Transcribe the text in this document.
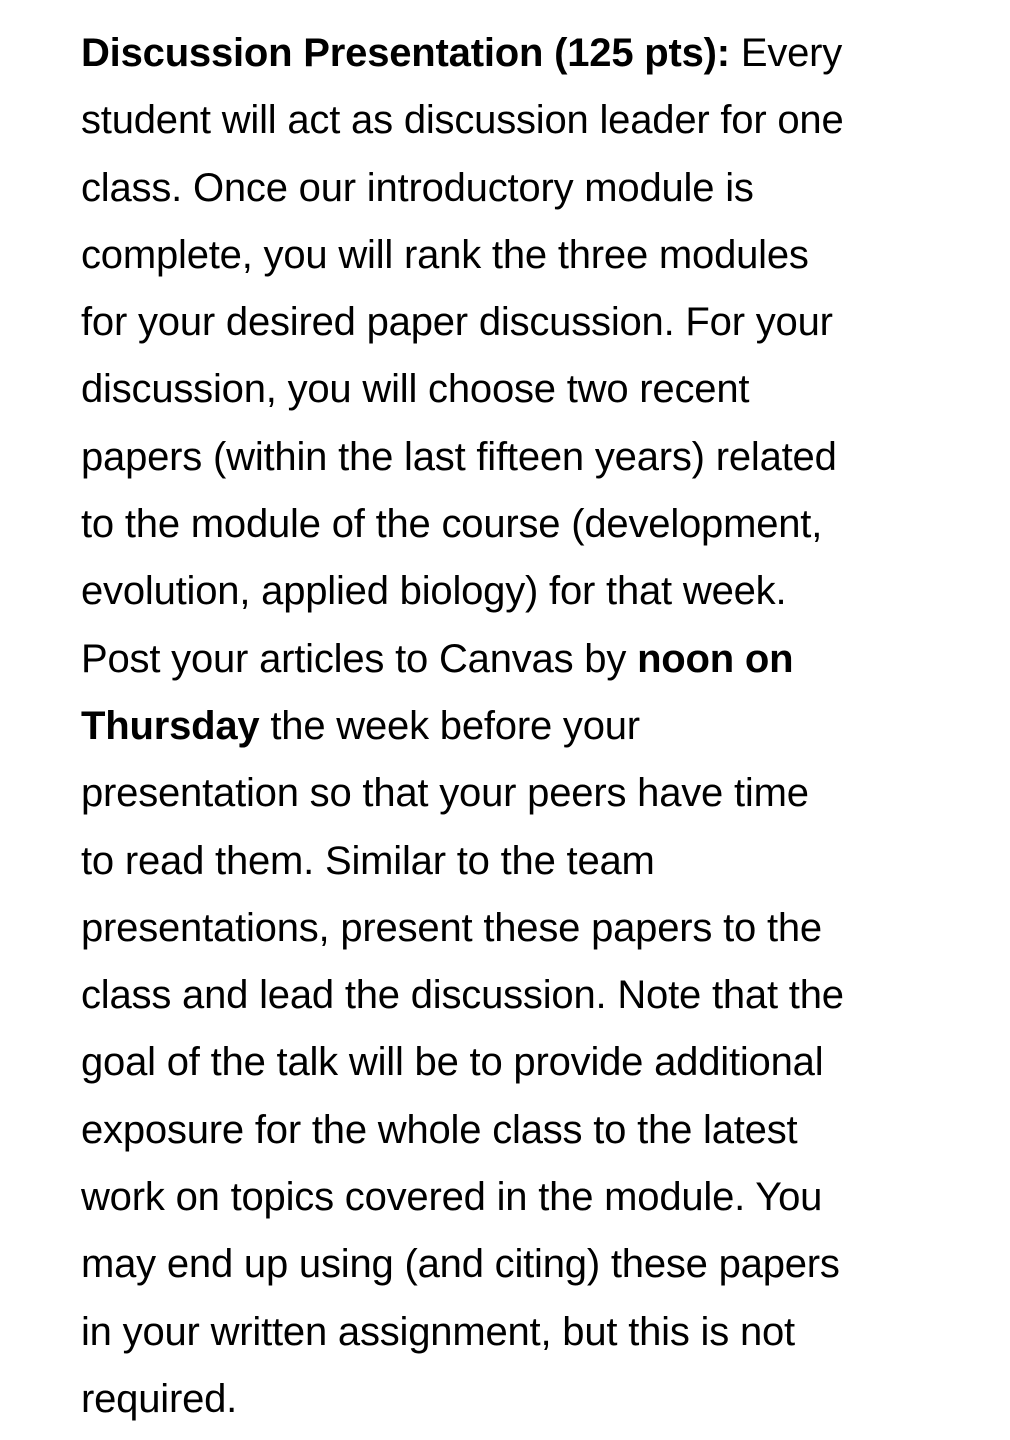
Discussion Presentation (125 pts): Every
student will act as discussion leader for one
class. Once our introductory module is
complete, you will rank the three modules
for your desired paper discussion. For your
discussion, you will choose two recent
papers (within the last fifteen years) related
to the module of the course (development,
evolution, applied biology) for that week.
Post your articles to Canvas by noon on
Thursday the week before your
presentation so that your peers have time
to read them. Similar to the team
presentations, present these papers to the
class and lead the discussion. Note that the
goal of the talk will be to provide additional
exposure for the whole class to the latest
work on topics covered in the module. You
may end up using (and citing) these papers
in your written assignment, but this is not
required.
